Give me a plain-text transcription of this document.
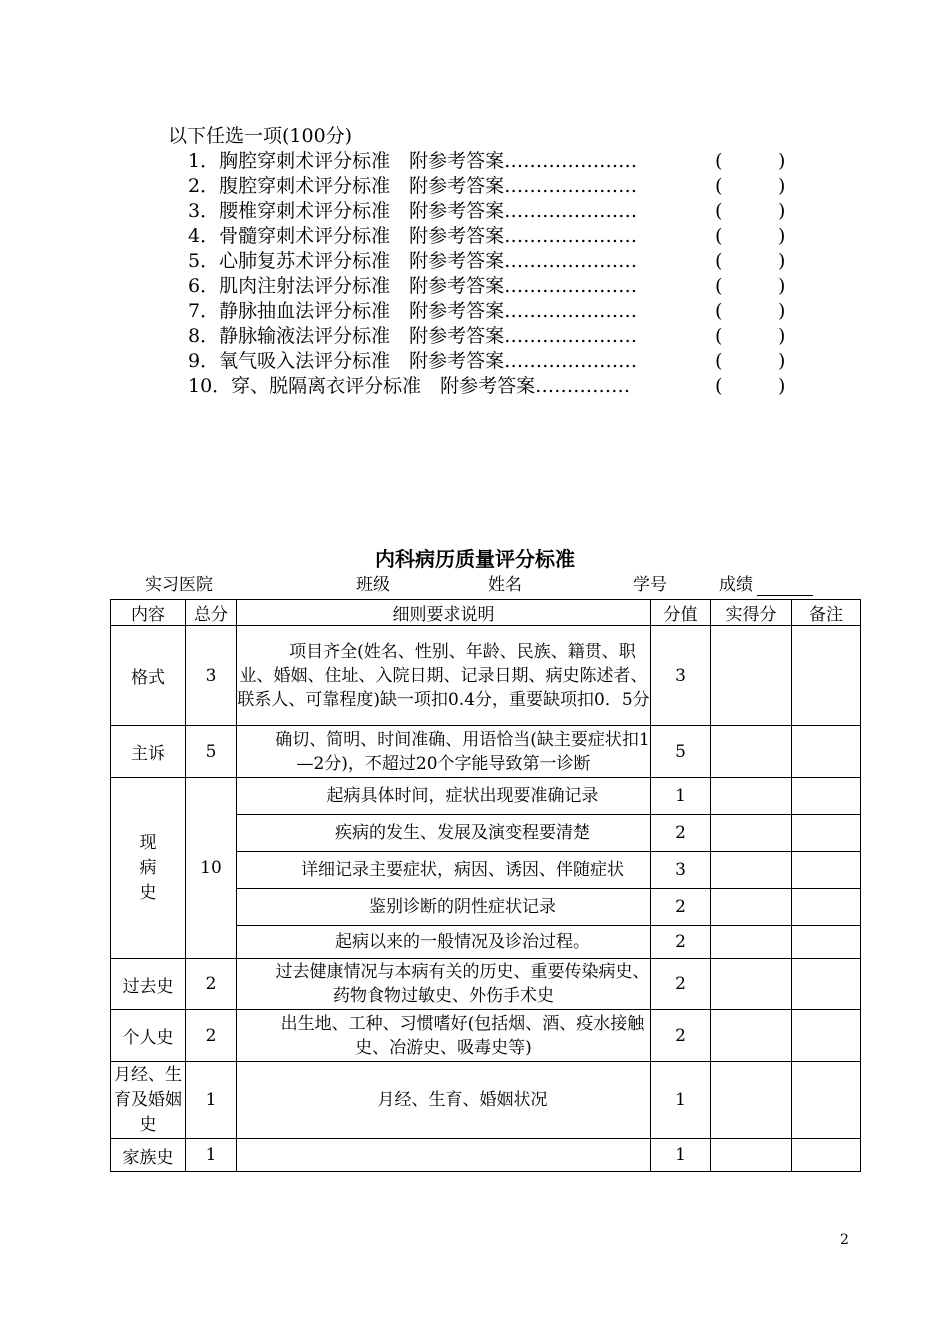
以下任选一项(100分)
1．胸腔穿刺术评分标准　附参考答案…………………	(	)
2．腹腔穿刺术评分标准　附参考答案…………………	(	)
3．腰椎穿刺术评分标准　附参考答案…………………	(	)
4．骨髓穿刺术评分标准　附参考答案…………………	(	)
5．心肺复苏术评分标准　附参考答案…………………	(	)
6．肌肉注射法评分标准　附参考答案…………………	(	)
7．静脉抽血法评分标准　附参考答案…………………	(	)
8．静脉输液法评分标准　附参考答案…………………	(	)
9．氧气吸入法评分标准　附参考答案…………………	(	)
10．穿、脱隔离衣评分标准　附参考答案……………	(	)
内科病历质量评分标准
实习医院	班级	姓名	学号	成绩
内容	总分	细则要求说明	分值	实得分	备注
格式	3	项目齐全(姓名、性别、年龄、民族、籍贯、职业、婚姻、住址、入院日期、记录日期、病史陈述者、联系人、可靠程度)缺一项扣0.4分，重要缺项扣0．5分	3		
主诉	5	确切、简明、时间准确、用语恰当(缺主要症状扣1—2分)，不超过20个字能导致第一诊断	5		
现
病
史	10	起病具体时间，症状出现要准确记录	1		
		疾病的发生、发展及演变程要清楚	2		
		详细记录主要症状，病因、诱因、伴随症状	3		
		鉴别诊断的阴性症状记录	2		
		起病以来的一般情况及诊治过程。	2		
过去史	2	过去健康情况与本病有关的历史、重要传染病史、药物食物过敏史、外伤手术史	2		
个人史	2	出生地、工种、习惯嗜好(包括烟、酒、疫水接触史、冶游史、吸毒史等)	2		
月经、生育及婚姻史	1	月经、生育、婚姻状况	1		
家族史	1		1		
2
